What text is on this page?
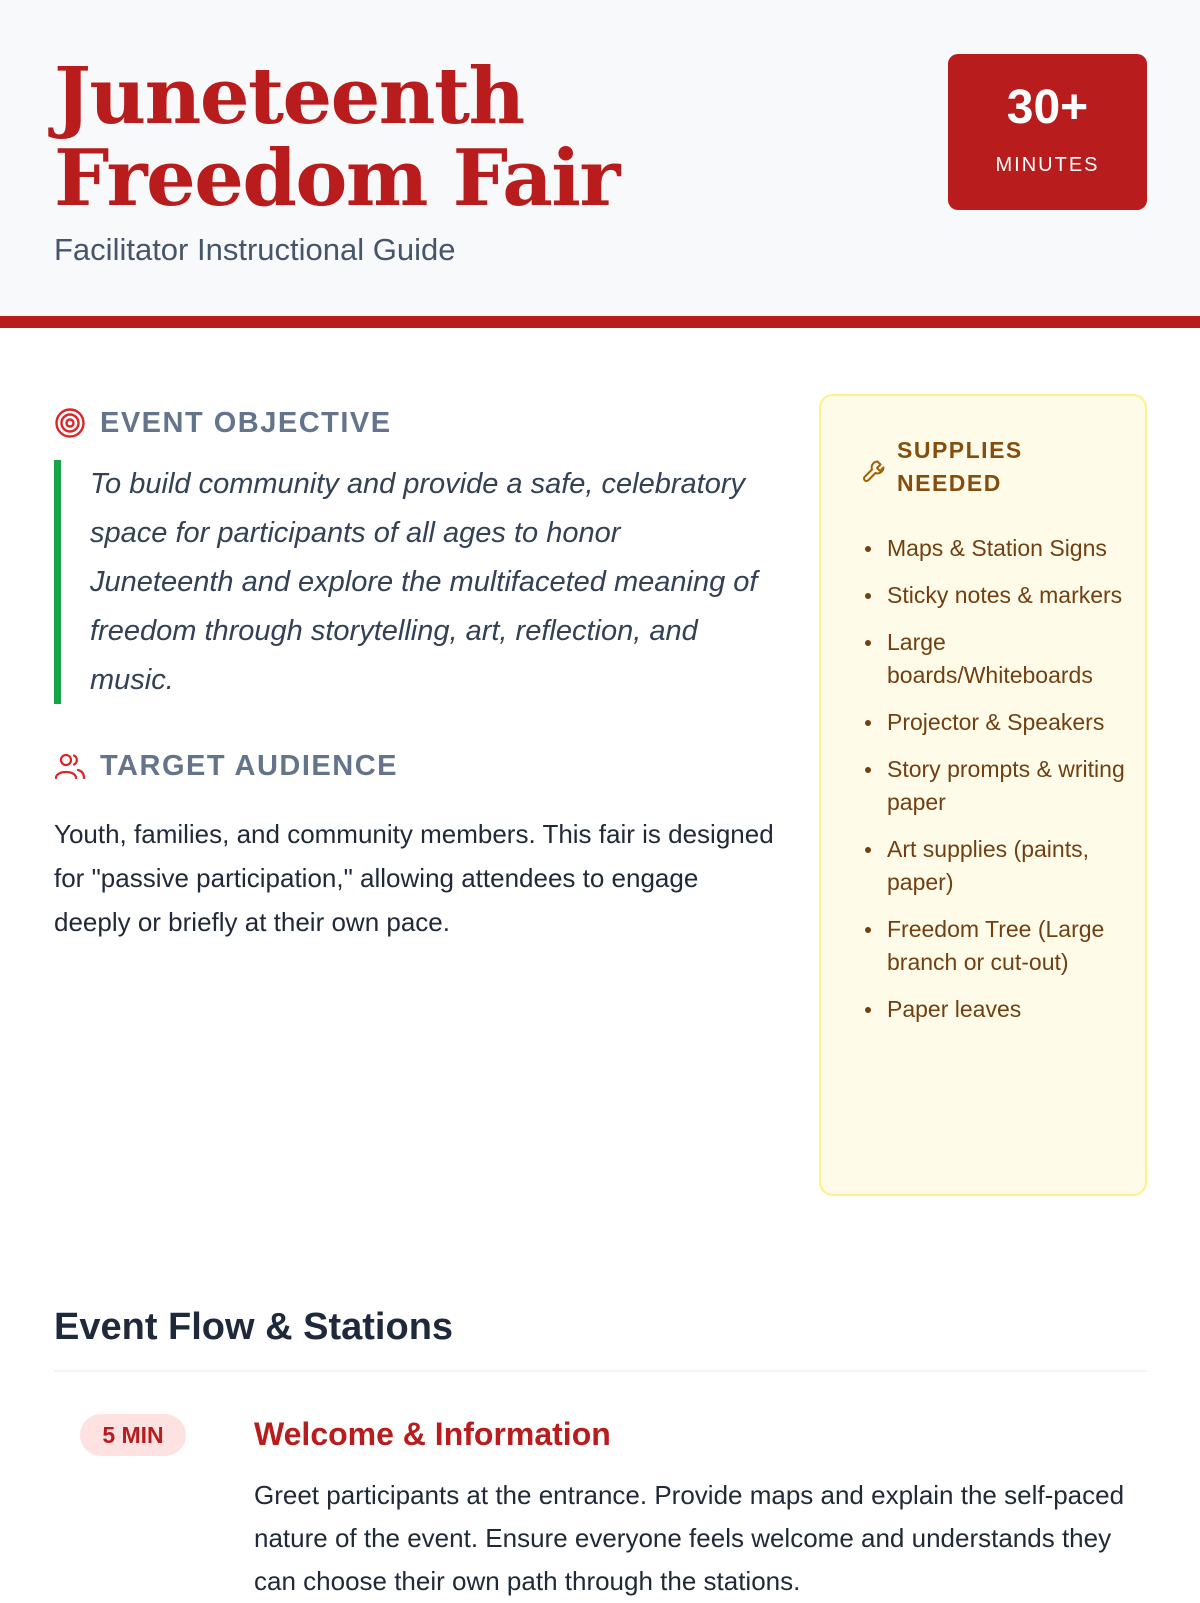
Juneteenth Freedom Fair
Facilitator Instructional Guide
30+
MINUTES
EVENT OBJECTIVE
To build community and provide a safe, celebratory space for participants of all ages to honor Juneteenth and explore the multifaceted meaning of freedom through storytelling, art, reflection, and music.
TARGET AUDIENCE

Youth, families, and community members. This fair is designed for "passive participation," allowing attendees to engage deeply or briefly at their own pace.

SUPPLIES NEEDED
Maps & Station Signs
Sticky notes & markers
Large boards/Whiteboards
Projector & Speakers
Story prompts & writing paper
Art supplies (paints, paper)
Freedom Tree (Large branch or cut-out)
Paper leaves
Event Flow & Stations
5 MIN	Welcome & Information

Greet participants at the entrance. Provide maps and explain the self-paced nature of the event. Ensure everyone feels welcome and understands they can choose their own path through the stations.
